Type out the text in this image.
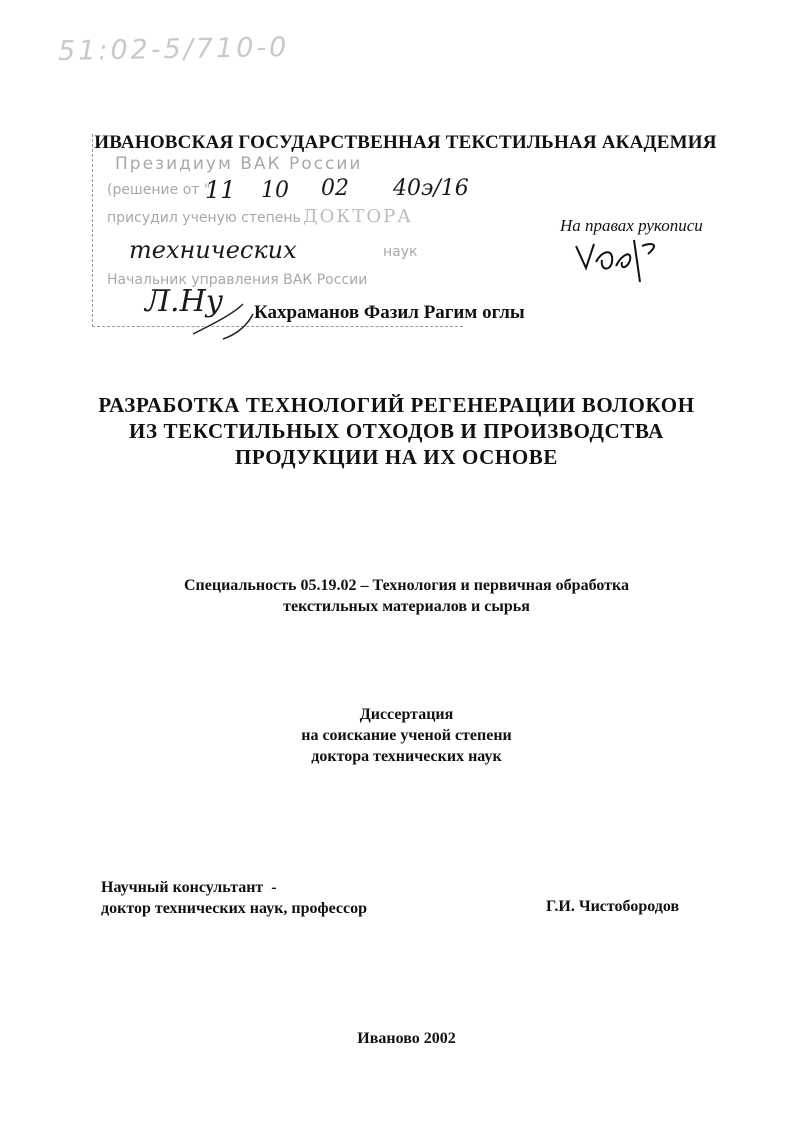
51:02-5/710-0
Президиум ВАК России
(решение от "
присудил ученую степень
наук
Начальник управления ВАК России
11 10 02 40э/16
ДОКТОРА
технических
Л.Ну
ИВАНОВСКАЯ ГОСУДАРСТВЕННАЯ ТЕКСТИЛЬНАЯ АКАДЕМИЯ
На правах рукописи
Кахраманов Фазил Рагим оглы
РАЗРАБОТКА ТЕХНОЛОГИЙ РЕГЕНЕРАЦИИ ВОЛОКОН
ИЗ ТЕКСТИЛЬНЫХ ОТХОДОВ И ПРОИЗВОДСТВА
ПРОДУКЦИИ НА ИХ ОСНОВЕ
Специальность 05.19.02 – Технология и первичная обработка
текстильных материалов и сырья
Диссертация
на соискание ученой степени
доктора технических наук
Научный консультант  -
доктор технических наук, профессор	Г.И. Чистобородов
Иваново 2002
